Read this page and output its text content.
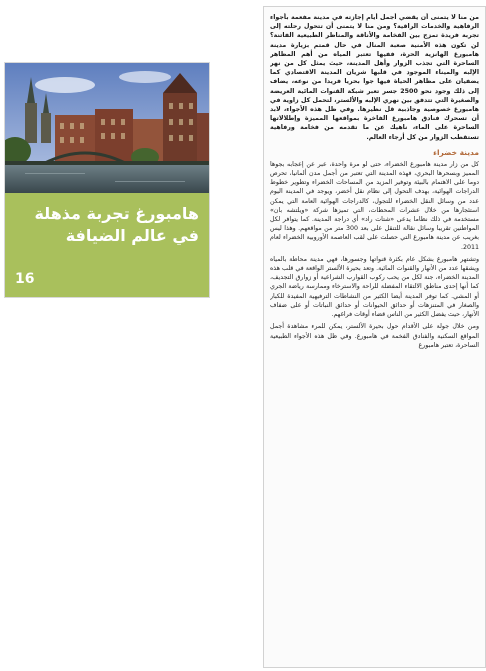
هامبورغ تجربة مذهلة في عالم الضيافة
16

من منا لا يتمنى أن يقضي أجمل أيام إجازته في مدينة مفعمة بأجواء الرفاهية والخدمات الراقية؟ ومن منا لا يتمنى أن تتحول رحلته إلى تجربة فريدة تمزج بين الفخامة والأناقة والمناظر الطبيعية الفاتنة؟ لن تكون هذه الأمنية صعبة المنال في حال قمتم بزيارة مدينة هامبورغ الهانزية الحرة، ففيها تعتبر المياه من أهم المظاهر الساحرة التي تجذب الزوار وأهل المدينة، حيث يمثل كل من نهر الإلبه والميناء الموجود في قلبها شريان المدينة الاقتصادي كما يضفيان على مظاهر الحياة فيها جوا بحريا فريدا من نوعه، يضاف إلى ذلك وجود نحو 2500 جسر تعبر شبكة القنوات المائية العريضة والصغيرة التي تتدفق بين نهري الإلبه والألستر، لتحمل كل زاوية في هامبورغ خصوصية وجاذبية قل نظيرها. وفي ظل هذه الأجواء، لابد أن تسحرك فنادق هامبورغ الفاخرة بمواقعها المميزة وإطلالاتها الساحرة على الماء، ناهيك عن ما تقدمه من فخامة ورفاهية تستقطب الزوار من كل أرجاء العالم.

مدينة خضراء

كل من زار مدينة هامبورغ الخضراء، حتى لو مرة واحدة، عبر عن إعجابه بجوها المميز وبسحرها البحري، فهذه المدينة التي تعتبر من أجمل مدن ألمانيا، تحرص دوما على الاهتمام بالبيئة وتوفير المزيد من المساحات الخضراء وتطوير خطوط الدراجات الهوائية، بهدف التحول إلى نظام نقل أخضر، ويوجد في المدينة اليوم عدد من وسائل النقل الخضراء للتجول، كالدراجات الهوائية العامة التي يمكن استئجارها من خلال عشرات المحطات، التي تميزها شركة «ويلتشه بان» مستخدمة في ذلك نظاما يدعى «شتات راد» أي دراجة المدينة. كما يتوافر لكل المواطنين تقريبا وسائل نقالة للتنقل على بعد 300 متر من مواقعهم. وهذا ليس بغريب عن مدينة هامبورغ التي حصلت على لقب العاصمة الأوروبية الخضراء لعام 2011.

وتشتهر هامبورغ بشكل عام بكثرة قنواتها وجسورها، فهي مدينة محاطة بالمياه ويشقها عدد من الأنهار والقنوات المائية. وتعد بحيرة الألستر الواقعة في قلب هذه المدينة الخضراء، جنة لكل من يحب ركوب القوارب الشراعية أو زوارق التجديف، كما أنها إحدى مناطق الالتقاء المفضلة للراحة والاسترخاء وممارسة رياضة الجري أو المشي. كما توفر المدينة أيضا الكثير من النشاطات الترفيهية المفيدة للكبار والصغار في المتنزهات أو حدائق الحيوانات أو حدائق النباتات أو على ضفاف الأنهار، حيث يفضل الكثير من الناس قضاء أوقات فراغهم.

ومن خلال جولة على الأقدام حول بحيرة الألستر، يمكن للمرء مشاهدة أجمل المواقع السكنية والفنادق الفخمة في هامبورغ. وفي ظل هذه الأجواء الطبيعية الساحرة، تعتبر هامبورغ
